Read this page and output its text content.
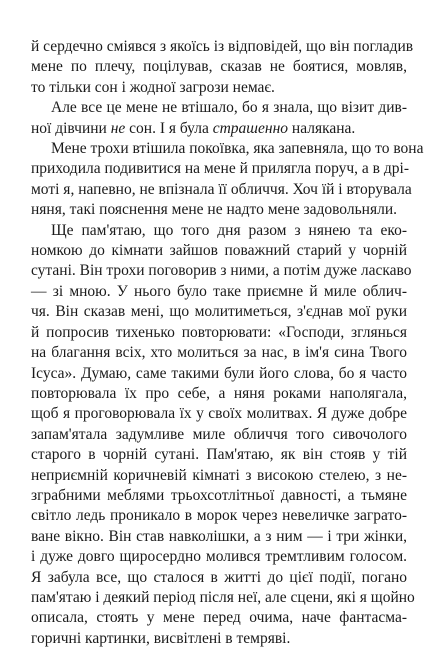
й сердечно сміявся з якоїсь із відповідей, що він погладив
мене по плечу, поцілував, сказав не боятися, мовляв,
то тільки сон і жодної загрози немає.

Але все це мене не втішало, бо я знала, що візит див-
ної дівчини не сон. І я була страшенно налякана.

Мене трохи втішила покоївка, яка запевняла, що то вона
приходила подивитися на мене й прилягла поруч, а в дрі-
моті я, напевно, не впізнала її обличчя. Хоч їй і вторувала
няня, такі пояснення мене не надто мене задовольняли.

Ще пам'ятаю, що того дня разом з нянею та еко-
номкою до кімнати зайшов поважний старий у чорній
сутані. Він трохи поговорив з ними, а потім дуже ласкаво
— зі мною. У нього було таке приємне й миле облич-
чя. Він сказав мені, що молитиметься, з'єднав мої руки
й попросив тихенько повторювати: «Господи, зглянься
на благання всіх, хто молиться за нас, в ім'я сина Твого
Ісуса». Думаю, саме такими були його слова, бо я часто
повторювала їх про себе, а няня роками наполягала,
щоб я проговорювала їх у своїх молитвах. Я дуже добре
запам'ятала задумливе миле обличчя того сивочолого
старого в чорній сутані. Пам'ятаю, як він стояв у тій
неприємній коричневій кімнаті з високою стелею, з не-
зграбними меблями трьохсотлітньої давності, а тьмяне
світло ледь проникало в морок через невеличке заграто-
ване вікно. Він став навколішки, а з ним — і три жінки,
і дуже довго щиросердно молився тремтливим голосом.
Я забула все, що сталося в житті до цієї події, погано
пам'ятаю і деякий період після неї, але сцени, які я щойно
описала, стоять у мене перед очима, наче фантасма-
горичні картинки, висвітлені в темряві.
